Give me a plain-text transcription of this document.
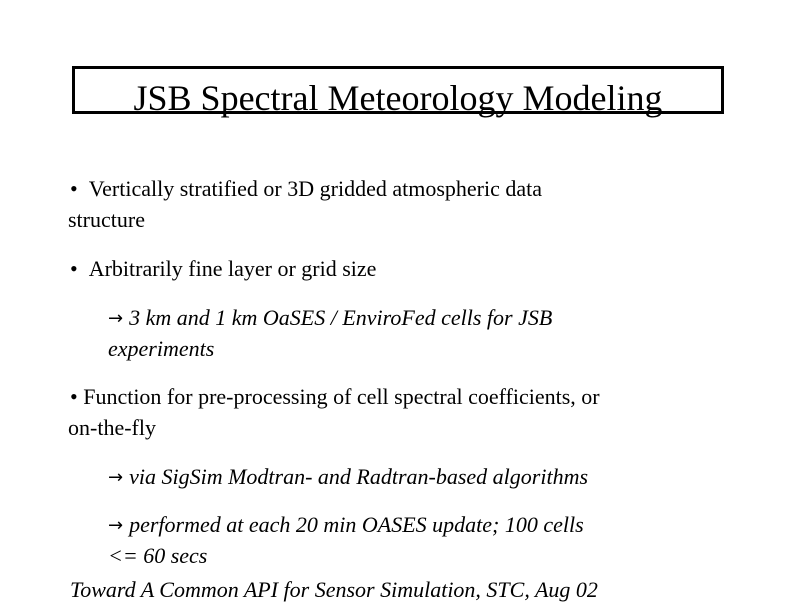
JSB Spectral Meteorology Modeling
• Vertically stratified or 3D gridded atmospheric data
structure
• Arbitrarily fine layer or grid size
→ 3 km and 1 km OaSES / EnviroFed cells for JSB
experiments
• Function for pre-processing of cell spectral coefficients, or
on-the-fly
→ via SigSim Modtran- and Radtran-based algorithms
→ performed at each 20 min OASES update; 100 cells
<= 60 secs
Toward A Common API for Sensor Simulation, STC, Aug 02
